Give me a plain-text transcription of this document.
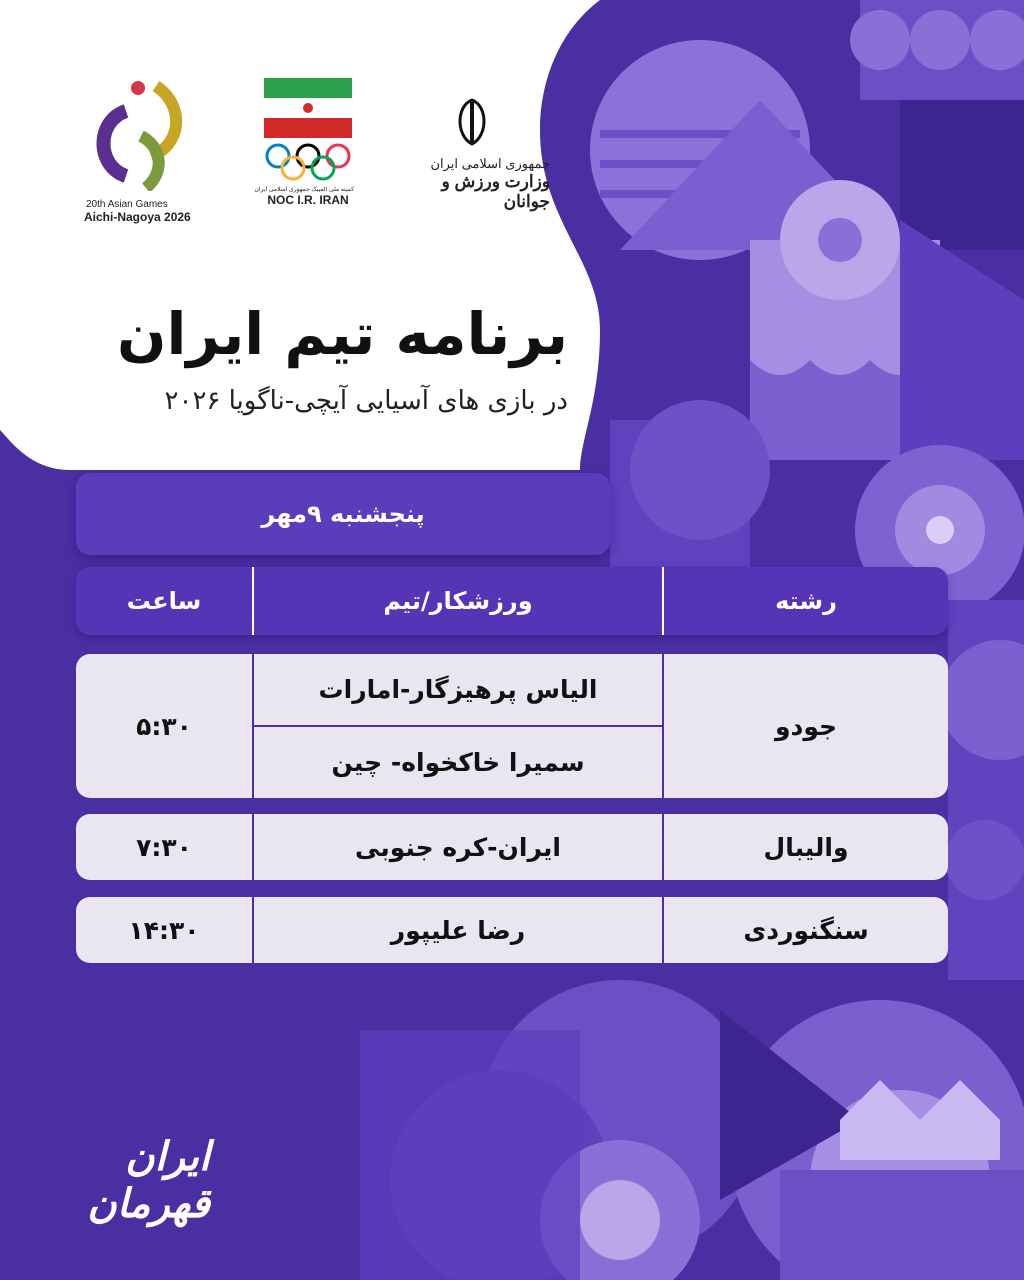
20th Asian Games
Aichi-Nagoya 2026

کمیته ملی المپیک جمهوری اسلامی ایران
NOC I.R. IRAN
جمهوری اسلامی ایران
وزارت ورزش و جوانان
برنامه تیم ایران
در بازی های آسیایی آیچی-ناگویا ۲۰۲۶
پنجشنبه ۹مهر
رشته
ورزشکار/تیم
ساعت
جودو
الیاس پرهیزگار-امارات
سمیرا خاکخواه- چین
۵:۳۰
والیبال
ایران-کره جنوبی
۷:۳۰
سنگنوردی
رضا علیپور
۱۴:۳۰
ایران قهرمان
